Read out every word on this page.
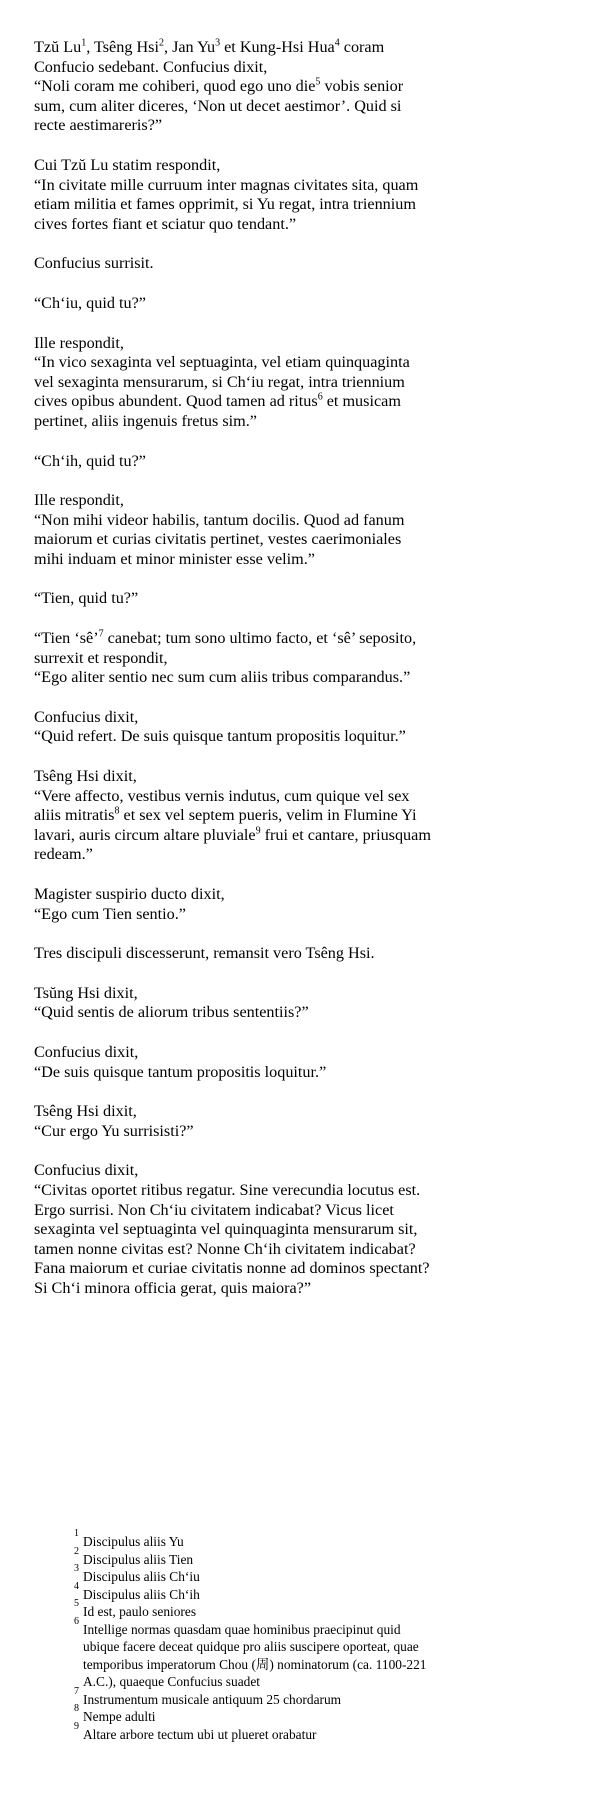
Tzŭ Lu$^1$, Tsêng Hsi$^2$, Jan Yu$^3$ et Kung-Hsi Hua$^4$ coram
Confucio sedebant. Confucius dixit,
“Noli coram me cohiberi, quod ego uno die$^5$ vobis senior
sum, cum aliter diceres, ‘Non ut decet aestimor’. Quid si
recte aestimareris?”
Cui Tzŭ Lu statim respondit,
“In civitate mille curruum inter magnas civitates sita, quam
etiam militia et fames opprimit, si Yu regat, intra triennium
cives fortes fiant et sciatur quo tendant.”
Confucius surrisit.
“Ch‘iu, quid tu?”
Ille respondit,
“In vico sexaginta vel septuaginta, vel etiam quinquaginta
vel sexaginta mensurarum, si Ch‘iu regat, intra triennium
cives opibus abundent. Quod tamen ad ritus$^6$ et musicam
pertinet, aliis ingenuis fretus sim.”
“Ch‘ih, quid tu?”
Ille respondit,
“Non mihi videor habilis, tantum docilis. Quod ad fanum
maiorum et curias civitatis pertinet, vestes caerimoniales
mihi induam et minor minister esse velim.”
“Tien, quid tu?”
“Tien ‘sê’$^7$ canebat; tum sono ultimo facto, et ‘sê’ seposito,
surrexit et respondit,
“Ego aliter sentio nec sum cum aliis tribus comparandus.”
Confucius dixit,
“Quid refert. De suis quisque tantum propositis loquitur.”
Tsêng Hsi dixit,
“Vere affecto, vestibus vernis indutus, cum quique vel sex
aliis mitratis$^8$ et sex vel septem pueris, velim in Flumine Yi
lavari, auris circum altare pluviale$^9$ frui et cantare, priusquam
redeam.”
Magister suspirio ducto dixit,
“Ego cum Tien sentio.”
Tres discipuli discesserunt, remansit vero Tsêng Hsi.
Tsŭng Hsi dixit,
“Quid sentis de aliorum tribus sententiis?”
Confucius dixit,
“De suis quisque tantum propositis loquitur.”
Tsêng Hsi dixit,
“Cur ergo Yu surrisisti?”
Confucius dixit,
“Civitas oportet ritibus regatur. Sine verecundia locutus est.
Ergo surrisi. Non Ch‘iu civitatem indicabat? Vicus licet
sexaginta vel septuaginta vel quinquaginta mensurarum sit,
tamen nonne civitas est? Nonne Ch‘ih civitatem indicabat?
Fana maiorum et curiae civitatis nonne ad dominos spectant?
Si Ch‘i minora officia gerat, quis maiora?”
1
Discipulus aliis Yu
2
Discipulus aliis Tien
3
Discipulus aliis Ch‘iu
4
Discipulus aliis Ch‘ih
5
Id est, paulo seniores
6
Intellige normas quasdam quae hominibus praecipinut quid
ubique facere deceat quidque pro aliis suscipere oporteat, quae
temporibus imperatorum Chou (周) nominatorum (ca. 1100-221
A.C.), quaeque Confucius suadet
7
Instrumentum musicale antiquum 25 chordarum
8
Nempe adulti
9
Altare arbore tectum ubi ut plueret orabatur
